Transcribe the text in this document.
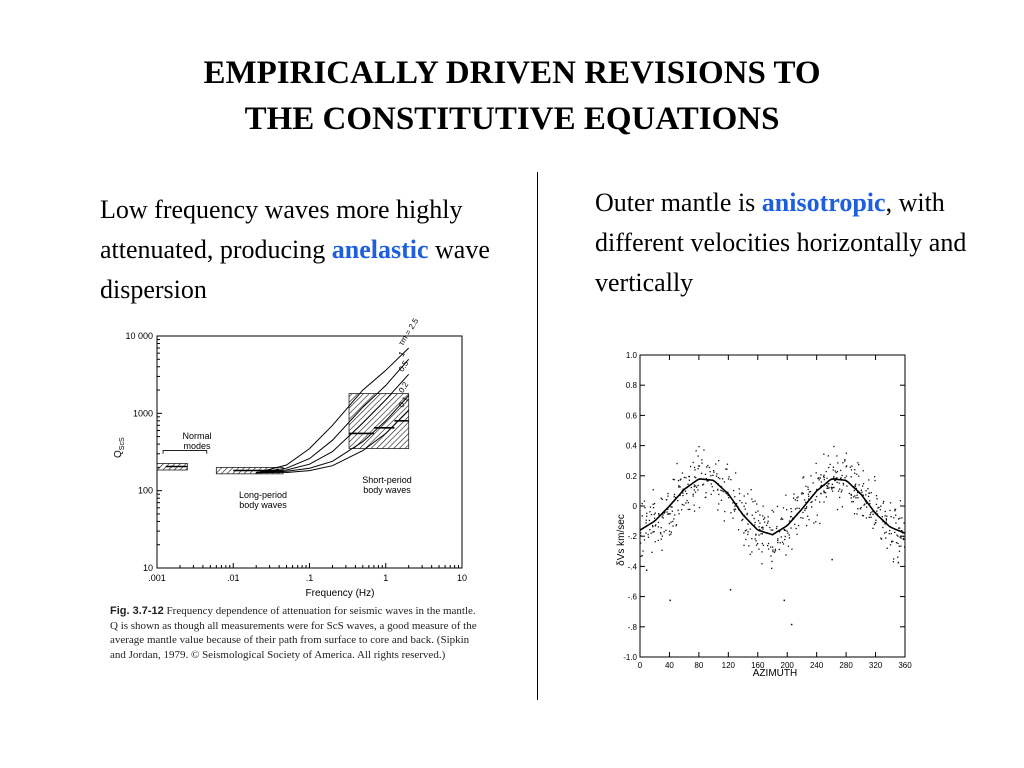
EMPIRICALLY DRIVEN REVISIONS TO
THE CONSTITUTIVE EQUATIONS
Low frequency waves more highly attenuated, producing anelastic wave dispersion
Outer mantle is anisotropic, with different velocities horizontally and vertically
.001	.01	.1	1	10
10
100
1000
10 000	τm = 2.5
1
0.5
0.2
0.1
$Q_{ScS}$
Frequency (Hz)
Normal
modes
Long-period
body waves
Short-period
body waves
Fig. 3.7-12 Frequency dependence of attenuation for seismic waves in the mantle. Q is shown as though all measurements were for ScS waves, a good measure of the average mantle value because of their path from surface to core and back. (Sipkin and Jordan, 1979. © Seismological Society of America. All rights reserved.)
0	40	80 120 160 200 240 280 320 360
1.0
0.8
0.6
0.4
0.2
0
-.2
-.4
-.6
-.8
-1.0
δVs km/sec
AZIMUTH
